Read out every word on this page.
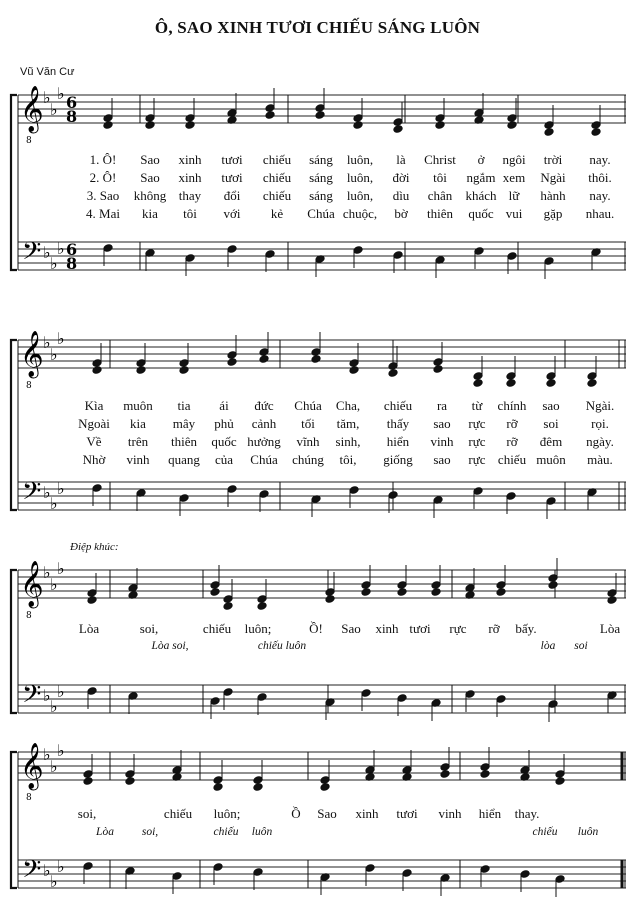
Ô, SAO XINH TƯƠI CHIẾU SÁNG LUÔN
Vũ Văn Cư
𝄞
8
𝄢
♭
♭
♭
♭
♭
♭
6
8
6
8
𝄞
8
𝄢
♭
♭
♭
♭
♭
♭
𝄞
8
𝄢
♭
♭
♭
♭
♭
♭
𝄞
8
𝄢
♭
♭
♭
♭
♭
♭
1. Ô! Sao xinh tươi chiếu sáng luôn, là Christ ở ngôi trời nay.
2. Ô! Sao xinh tươi chiếu sáng luôn, đời tôi ngắm xem Ngài thôi.
3. Sao không thay đổi chiếu sáng luôn, dìu chân khách lữ hành nay.
4. Mai kia tôi với kẻ Chúa chuộc, bờ thiên quốc vui gặp nhau.
Kìa muôn tia ái đức Chúa Cha, chiếu ra từ chính sao Ngài.
Ngoài kia mây phủ cảnh tối tăm, thấy sao rực rỡ soi	rọi.
Về trên thiên quốc hưởng vĩnh sinh, hiển vinh rực rỡ đêm ngày.
Nhờ vinh quang của Chúa chúng tôi, giống sao rực chiếu muôn màu.
Điệp khúc:
Lòa	soi,	chiếu luôn;	Ồ! Sao xinh tươi rực rỡ bấy.	Lòa
Lòa soi,	chiếu luôn	lòa soi
soi,	chiếu luôn;	Ồ Sao xinh tươi vinh hiển thay.
Lòa soi,	chiếu luôn	chiếu luôn
